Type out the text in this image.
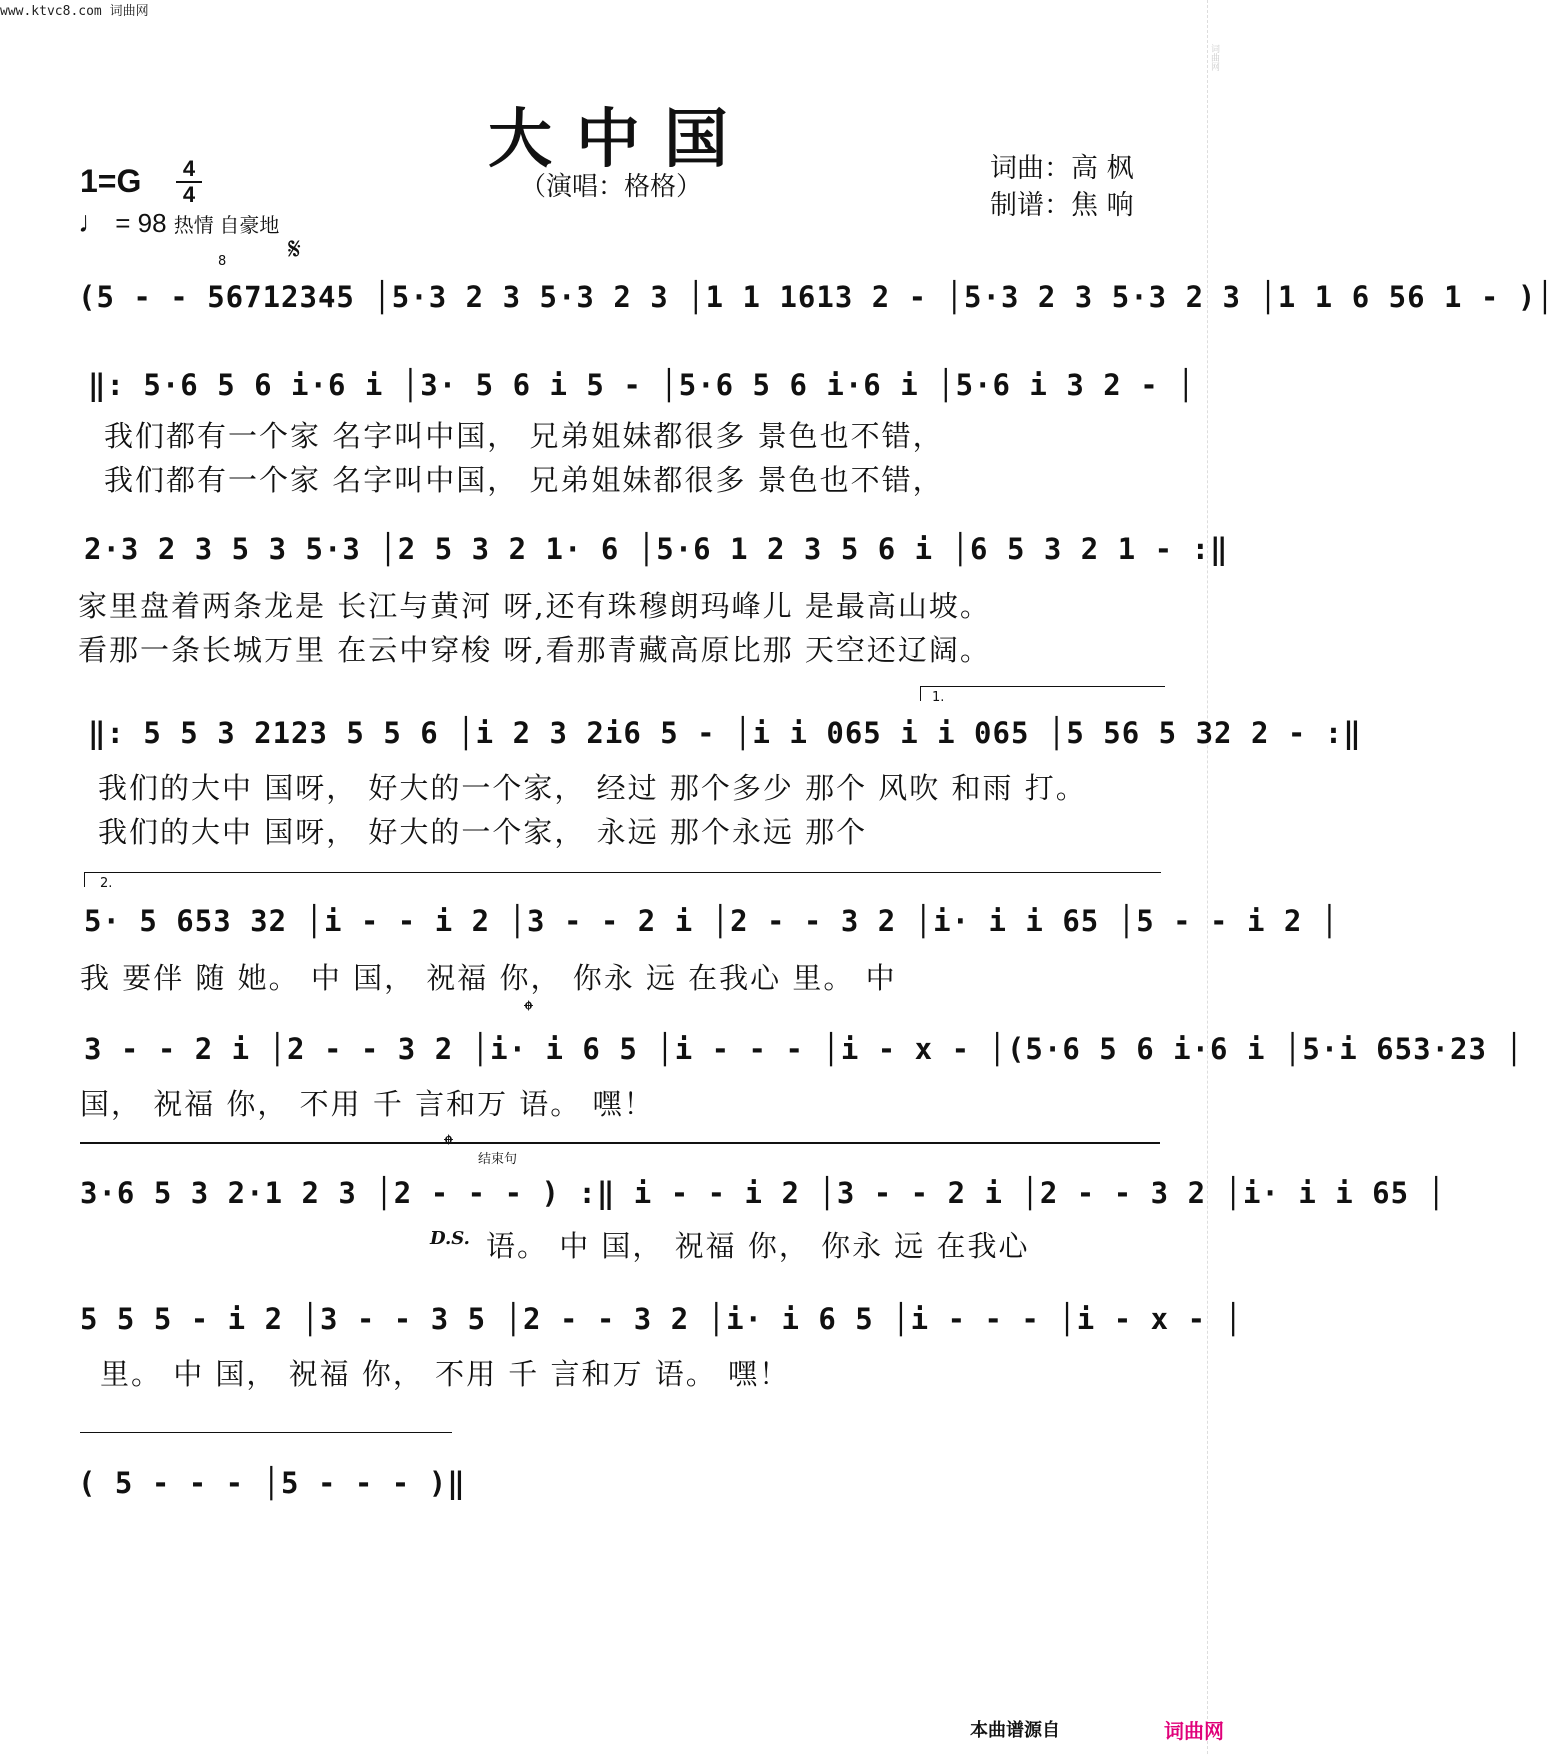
词曲网
www.ktvc8.com 词曲网
大中国
（演唱：格格）
词曲：高 枫
制谱：焦 响
1=G	4
4
♩ = 98 热情 自豪地
𝄋
8
(5 - - 56712345 │5·3 2 3 5·3 2 3 │1 1 1613 2 - │5·3 2 3 5·3 2 3 │1 1 6 56 1 - )│
‖: 5·6 5 6 i·6 i │3· 5 6 i 5 - │5·6 5 6 i·6 i │5·6 i 3 2 - │
我们都有一个家 名字叫中国， 兄弟姐妹都很多 景色也不错，
我们都有一个家 名字叫中国， 兄弟姐妹都很多 景色也不错，
2·3 2 3 5 3 5·3 │2 5 3 2 1· 6 │5·6 1 2 3 5 6 i │6 5 3 2 1 - :‖
家里盘着两条龙是 长江与黄河 呀,还有珠穆朗玛峰儿 是最高山坡。
看那一条长城万里 在云中穿梭 呀,看那青藏高原比那 天空还辽阔。
1.
‖: 5 5 3 2123 5 5 6 │i 2 3 2i6 5 - │i i 065 i i 065 │5 56 5 32 2 - :‖
我们的大中 国呀， 好大的一个家， 经过 那个多少 那个 风吹 和雨 打。
我们的大中 国呀， 好大的一个家， 永远 那个永远 那个
2.
5· 5 653 32 │i - - i 2 │3 - - 2 i │2 - - 3 2 │i· i i 65 │5 - - i 2 │
我 要伴 随 她。 中 国， 祝福 你， 你永 远 在我心 里。 中
𝄌
3 - - 2 i │2 - - 3 2 │i· i 6 5 │i - - - │i - x - │(5·6 5 6 i·6 i │5·i 653·23 │
国， 祝福 你， 不用 千 言和万 语。 嘿！
𝄌 结束句
3·6 5 3 2·1 2 3 │2 - - - ) :‖ i - - i 2 │3 - - 2 i │2 - - 3 2 │i· i i 65 │
D.S. 语。 中 国， 祝福 你， 你永 远 在我心
5 5 5 - i 2 │3 - - 3 5 │2 - - 3 2 │i· i 6 5 │i - - - │i - x - │
里。 中 国， 祝福 你， 不用 千 言和万 语。 嘿！
( 5 - - - │5 - - - )‖
本曲谱源自	词曲网
